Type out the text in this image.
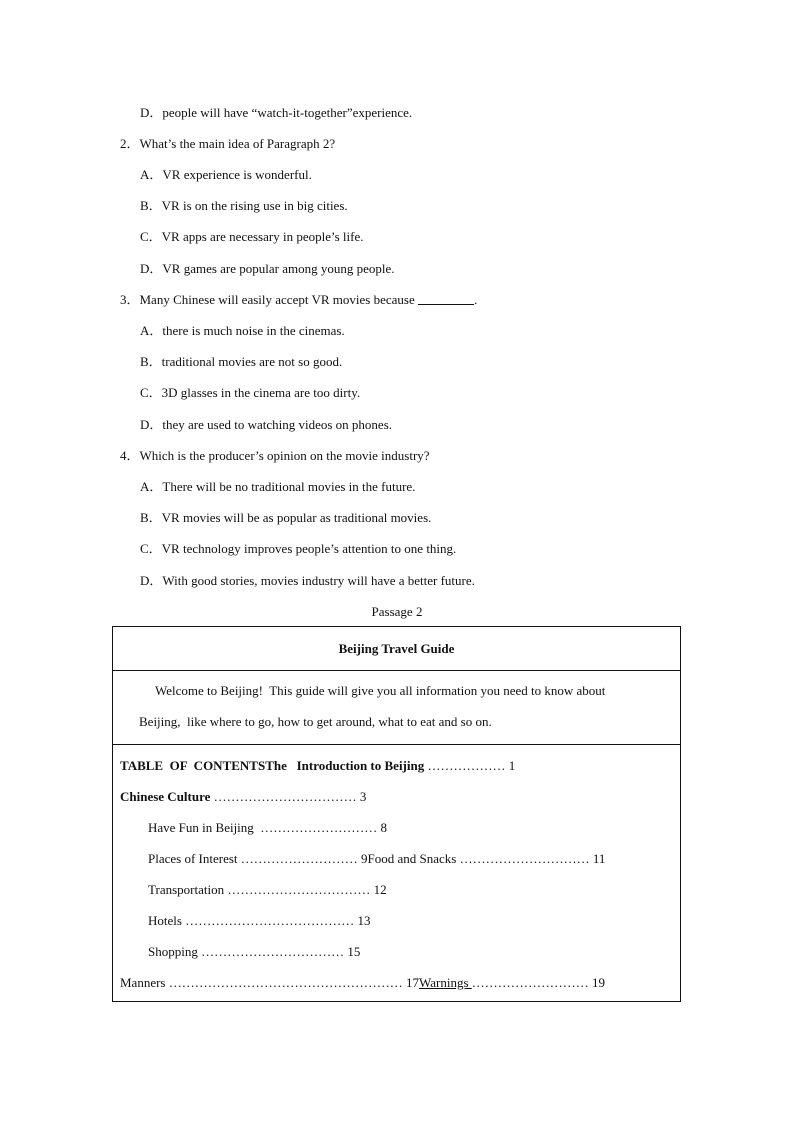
D．people will have “watch-it-together”experience.
2．What’s the main idea of Paragraph 2?
A．VR experience is wonderful.
B．VR is on the rising use in big cities.
C．VR apps are necessary in people’s life.
D．VR games are popular among young people.
3．Many Chinese will easily accept VR movies because	.
A．there is much noise in the cinemas.
B．traditional movies are not so good.
C．3D glasses in the cinema are too dirty.
D．they are used to watching videos on phones.
4．Which is the producer’s opinion on the movie industry?
A．There will be no traditional movies in the future.
B．VR movies will be as popular as traditional movies.
C．VR technology improves people’s attention to one thing.
D．With good stories, movies industry will have a better future.
Passage 2
Beijing Travel Guide
Welcome to Beijing!  This guide will give you all information you need to know about
Beijing,  like where to go, how to get around, what to eat and so on.
TABLE  OF  CONTENTSThe Introduction to Beijing ……………… 1
Chinese Culture …………………………… 3
Have Fun in Beijing  ……………………… 8
Places of Interest ……………………… 9Food and Snacks ………………………… 11
Transportation …………………………… 12
Hotels ………………………………… 13
Shopping …………………………… 15
Manners ……………………………………………… 17Warnings ……………………… 19
